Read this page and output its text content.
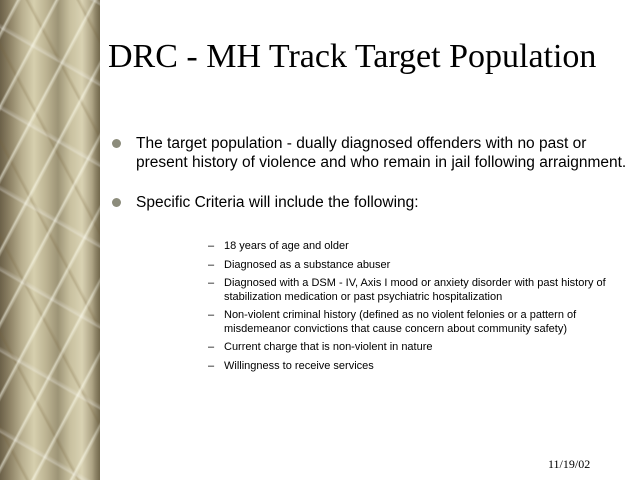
DRC - MH Track Target Population
The target population - dually diagnosed offenders with no past or present history of violence and who remain in jail following arraignment.
Specific Criteria will include the following:
– 18 years of age and older
– Diagnosed as a substance abuser
– Diagnosed with a DSM - IV, Axis I mood or anxiety disorder with past history of stabilization medication or past psychiatric hospitalization
– Non-violent criminal history (defined as no violent felonies or a pattern of misdemeanor convictions that cause concern about community safety)
– Current charge that is non-violent in nature
– Willingness to receive services
11/19/02
